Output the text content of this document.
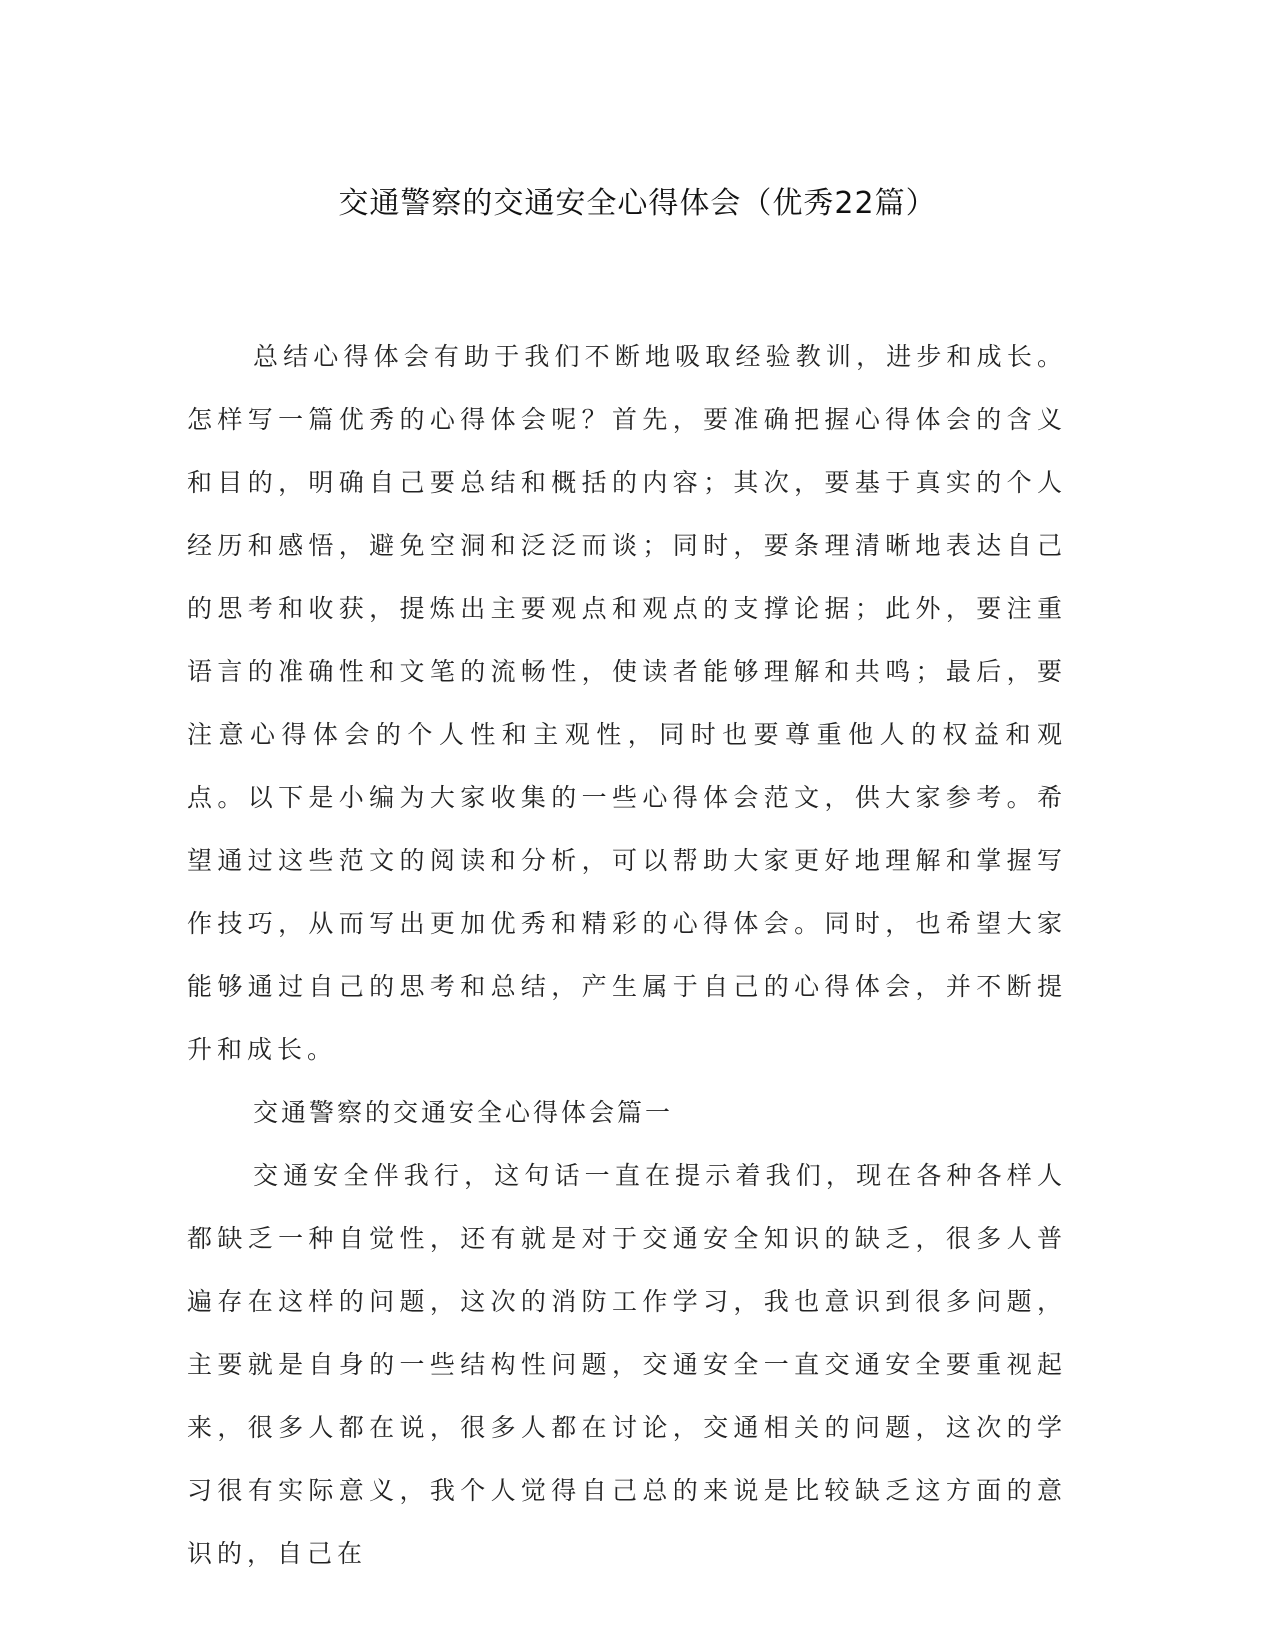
交通警察的交通安全心得体会（优秀22篇）

总结心得体会有助于我们不断地吸取经验教训，进步和成长。怎样写一篇优秀的心得体会呢？首先，要准确把握心得体会的含义和目的，明确自己要总结和概括的内容；其次，要基于真实的个人经历和感悟，避免空洞和泛泛而谈；同时，要条理清晰地表达自己的思考和收获，提炼出主要观点和观点的支撑论据；此外，要注重语言的准确性和文笔的流畅性，使读者能够理解和共鸣；最后，要注意心得体会的个人性和主观性，同时也要尊重他人的权益和观点。以下是小编为大家收集的一些心得体会范文，供大家参考。希望通过这些范文的阅读和分析，可以帮助大家更好地理解和掌握写作技巧，从而写出更加优秀和精彩的心得体会。同时，也希望大家能够通过自己的思考和总结，产生属于自己的心得体会，并不断提升和成长。

交通警察的交通安全心得体会篇一

交通安全伴我行，这句话一直在提示着我们，现在各种各样人都缺乏一种自觉性，还有就是对于交通安全知识的缺乏，很多人普遍存在这样的问题，这次的消防工作学习，我也意识到很多问题，主要就是自身的一些结构性问题，交通安全一直交通安全要重视起来，很多人都在说，很多人都在讨论，交通相关的问题，这次的学习很有实际意义，我个人觉得自己总的来说是比较缺乏这方面的意识的，自己在
